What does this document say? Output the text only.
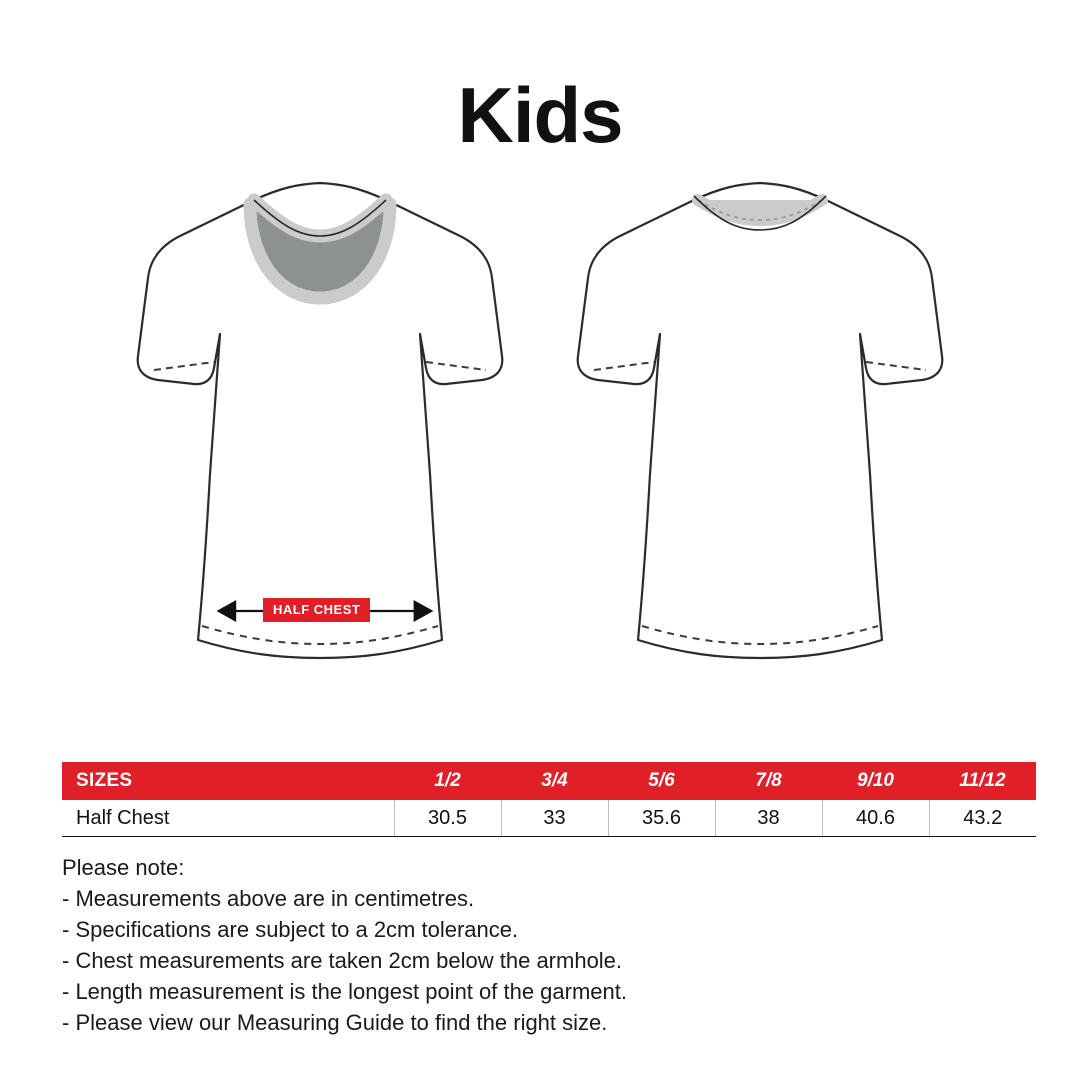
Kids
HALF CHEST
SIZES	1/2	3/4	5/6	7/8	9/10	11/12
Half Chest	30.5	33	35.6	38	40.6	43.2
Please note:
- Measurements above are in centimetres.
- Specifications are subject to a 2cm tolerance.
- Chest measurements are taken 2cm below the armhole.
- Length measurement is the longest point of the garment.
- Please view our Measuring Guide to find the right size.
